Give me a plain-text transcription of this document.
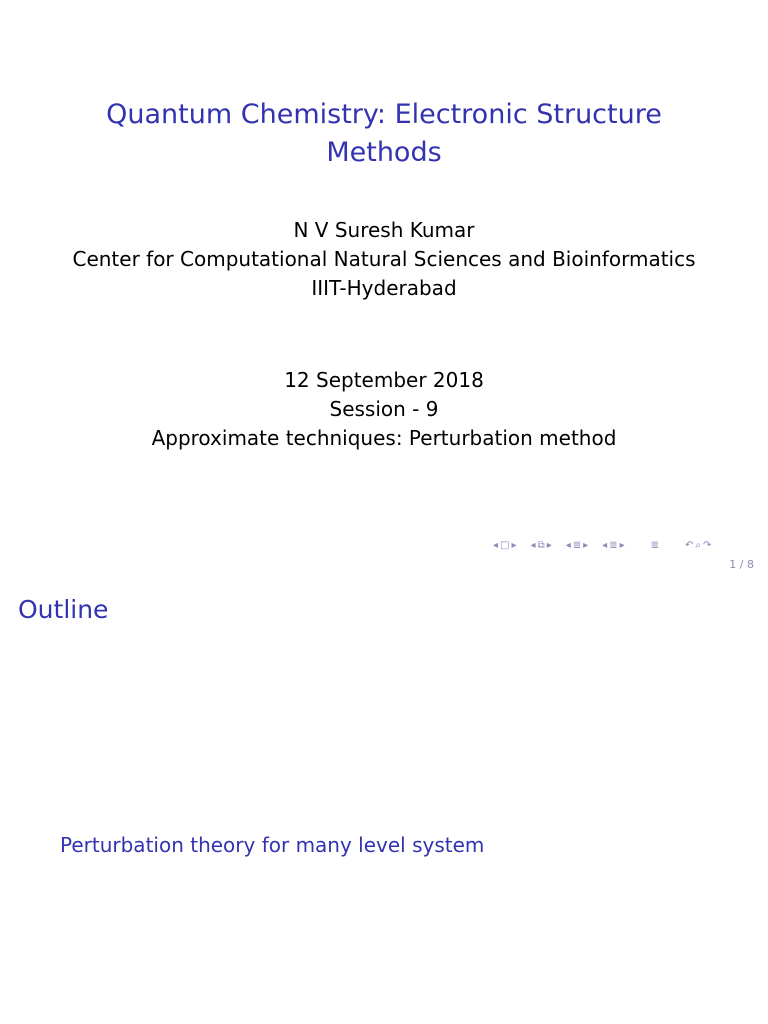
Quantum Chemistry: Electronic Structure
Methods
N V Suresh Kumar
Center for Computational Natural Sciences and Bioinformatics
IIIT-Hyderabad
12 September 2018
Session - 9
Approximate techniques: Perturbation method
◂ □ ▸ ◂ ⧉ ▸ ◂ ≣ ▸ ◂ ≣ ▸	≣	↶ ⌕ ↷
1 / 8
Outline
Perturbation theory for many level system
